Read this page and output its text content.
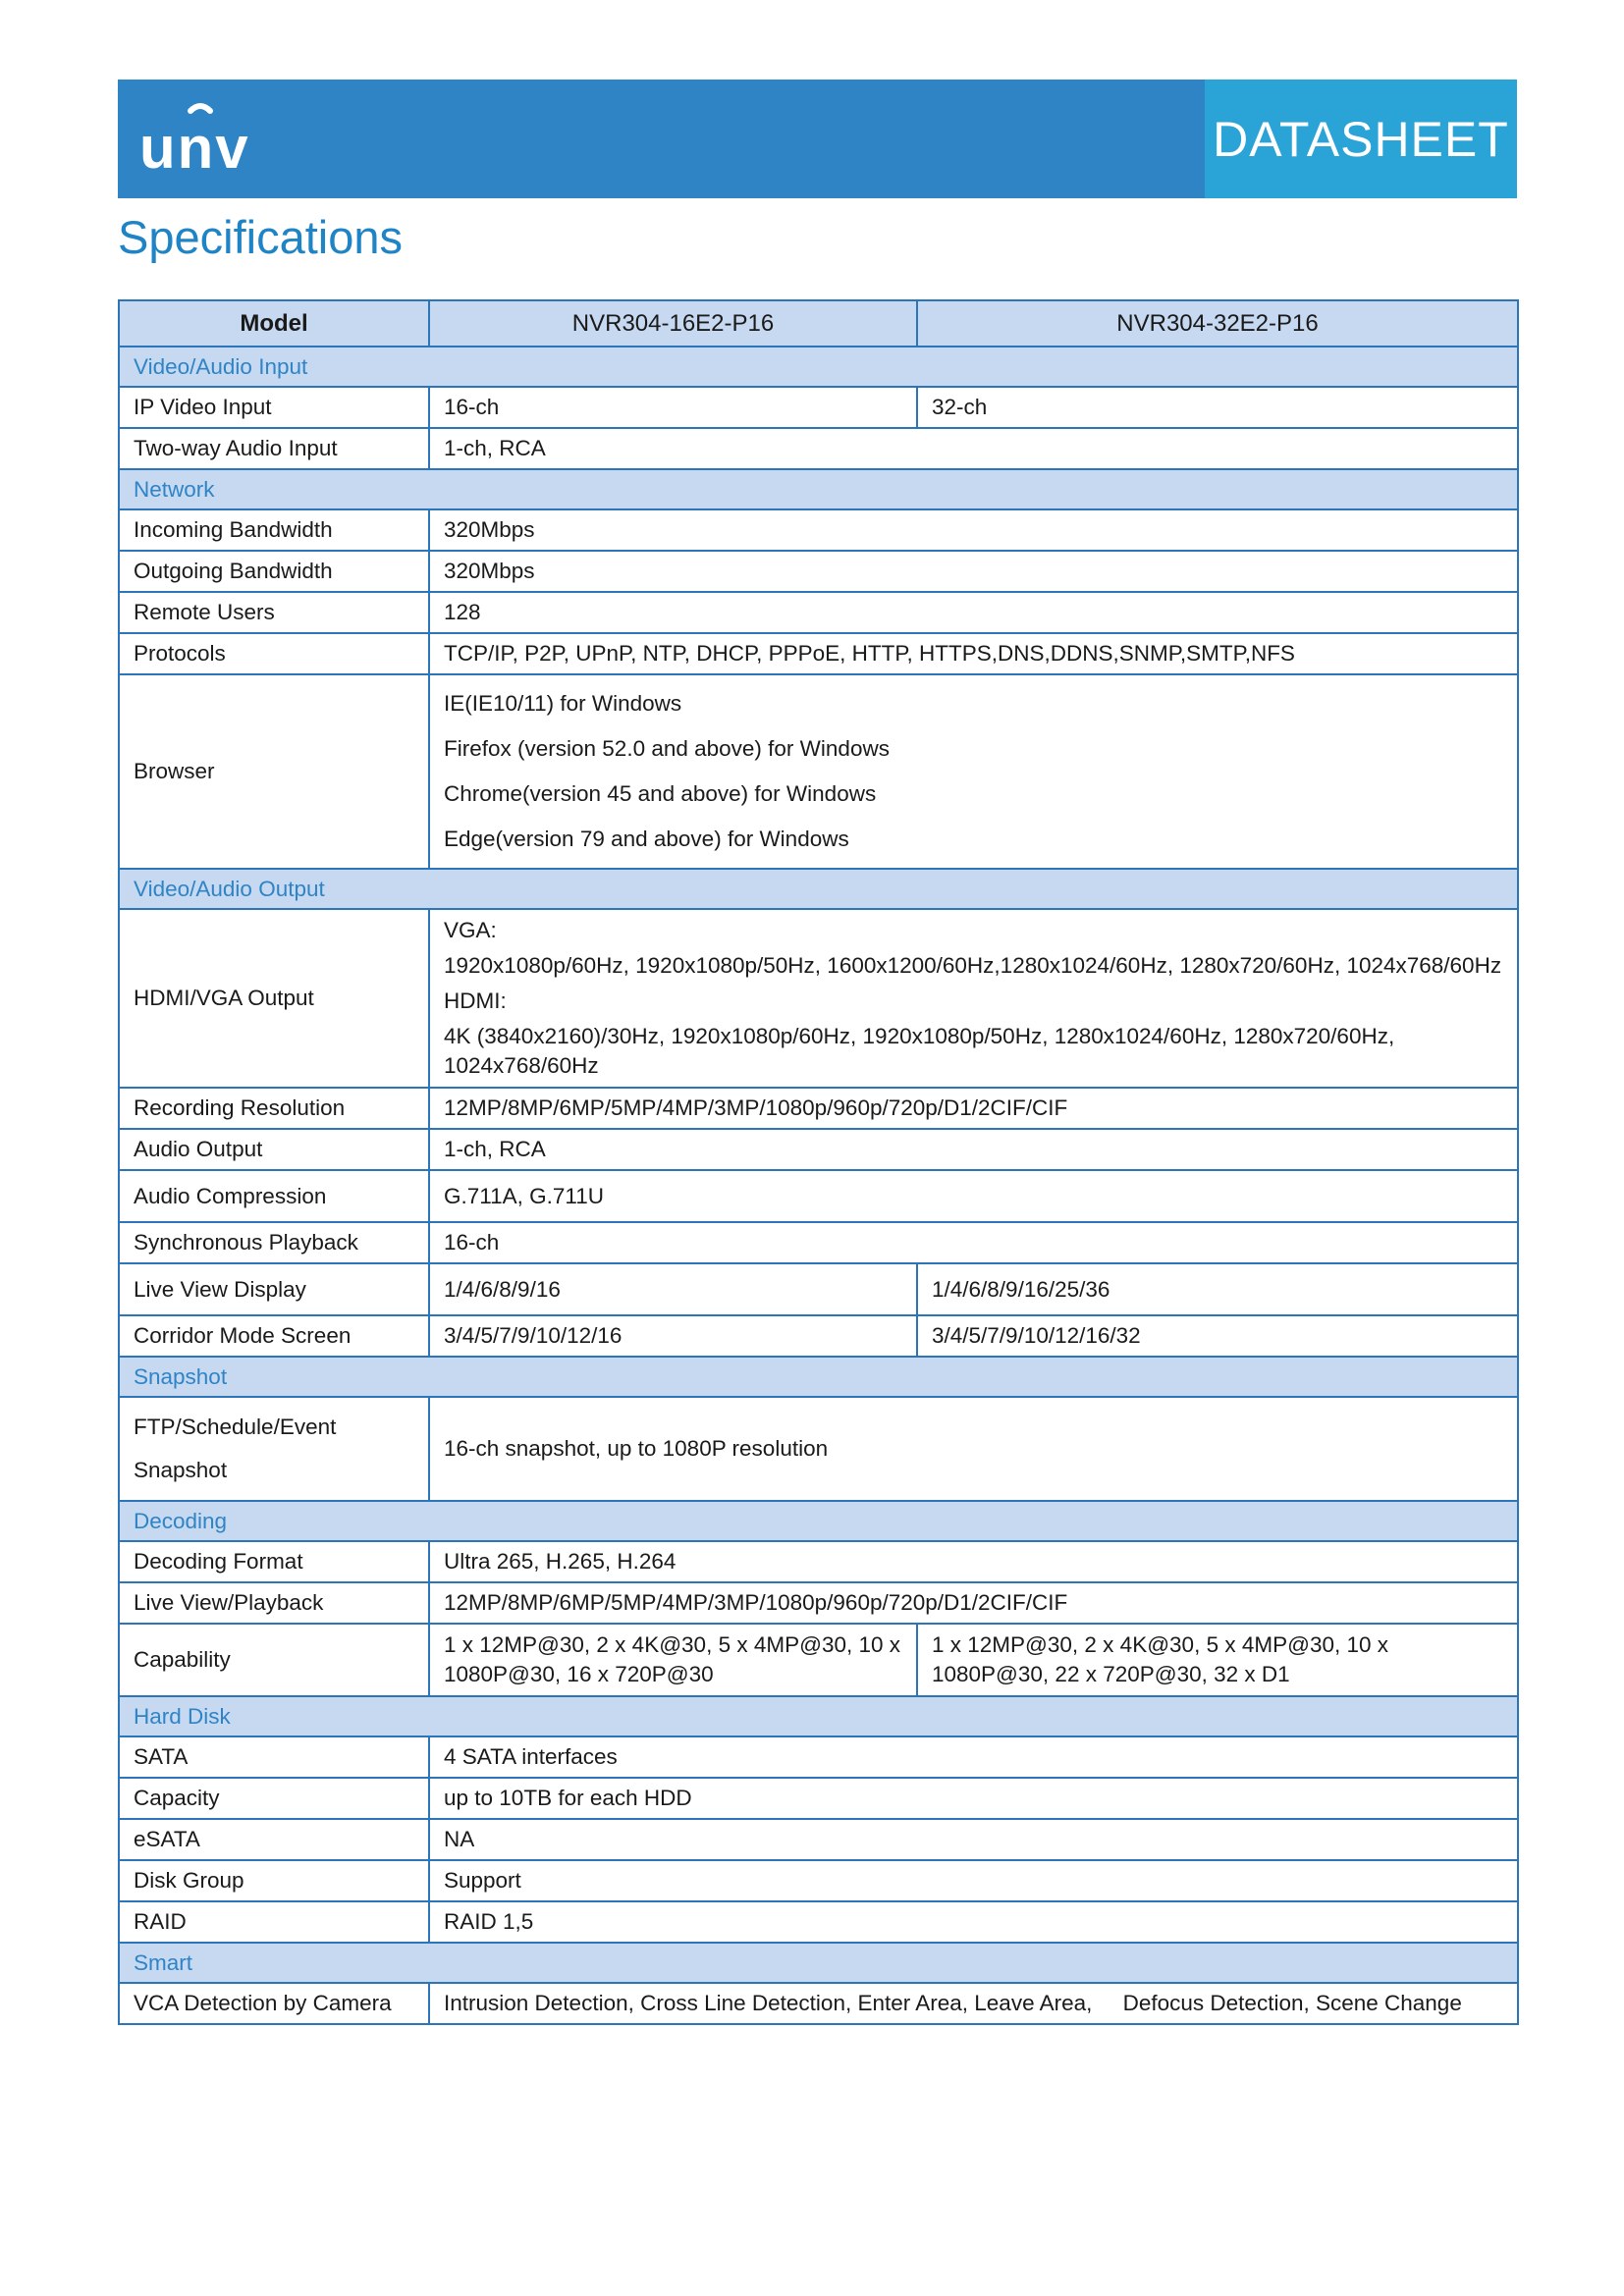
unv	DATASHEET
Specifications
Model	NVR304-16E2-P16	NVR304-32E2-P16
Video/Audio Input		
IP Video Input	16-ch	32-ch
Two-way Audio Input	1-ch, RCA	
Network		
Incoming Bandwidth	320Mbps	
Outgoing Bandwidth	320Mbps	
Remote Users	128	
Protocols	TCP/IP, P2P, UPnP, NTP, DHCP, PPPoE, HTTP, HTTPS,DNS,DDNS,SNMP,SMTP,NFS	
Browser	IE(IE10/11) for Windows
Firefox (version 52.0 and above) for Windows
Chrome(version 45 and above) for Windows
Edge(version 79 and above) for Windows	

Video/Audio Output		
HDMI/VGA Output	VGA:
1920x1080p/60Hz, 1920x1080p/50Hz, 1600x1200/60Hz,1280x1024/60Hz, 1280x720/60Hz, 1024x768/60Hz
HDMI:
4K (3840x2160)/30Hz, 1920x1080p/60Hz, 1920x1080p/50Hz, 1280x1024/60Hz, 1280x720/60Hz, 1024x768/60Hz	

Recording Resolution	12MP/8MP/6MP/5MP/4MP/3MP/1080p/960p/720p/D1/2CIF/CIF	
Audio Output	1-ch, RCA	
Audio Compression	G.711A, G.711U	
Synchronous Playback	16-ch	
Live View Display	1/4/6/8/9/16	1/4/6/8/9/16/25/36
Corridor Mode Screen	3/4/5/7/9/10/12/16	3/4/5/7/9/10/12/16/32
Snapshot		

FTP/Schedule/Event
Snapshot	16-ch snapshot, up to 1080P resolution	
Decoding		
Decoding Format	Ultra 265, H.265, H.264	
Live View/Playback	12MP/8MP/6MP/5MP/4MP/3MP/1080p/960p/720p/D1/2CIF/CIF	
Capability	1 x 12MP@30, 2 x 4K@30, 5 x 4MP@30, 10 x 1080P@30, 16 x 720P@30	1 x 12MP@30, 2 x 4K@30, 5 x 4MP@30, 10 x 1080P@30, 22 x 720P@30, 32 x D1
Hard Disk		
SATA	4 SATA interfaces	
Capacity	up to 10TB for each HDD	
eSATA	NA	
Disk Group	Support	
RAID	RAID 1,5	
Smart		
VCA Detection by Camera	Intrusion Detection, Cross Line Detection, Enter Area, Leave Area,     Defocus Detection, Scene Change	
